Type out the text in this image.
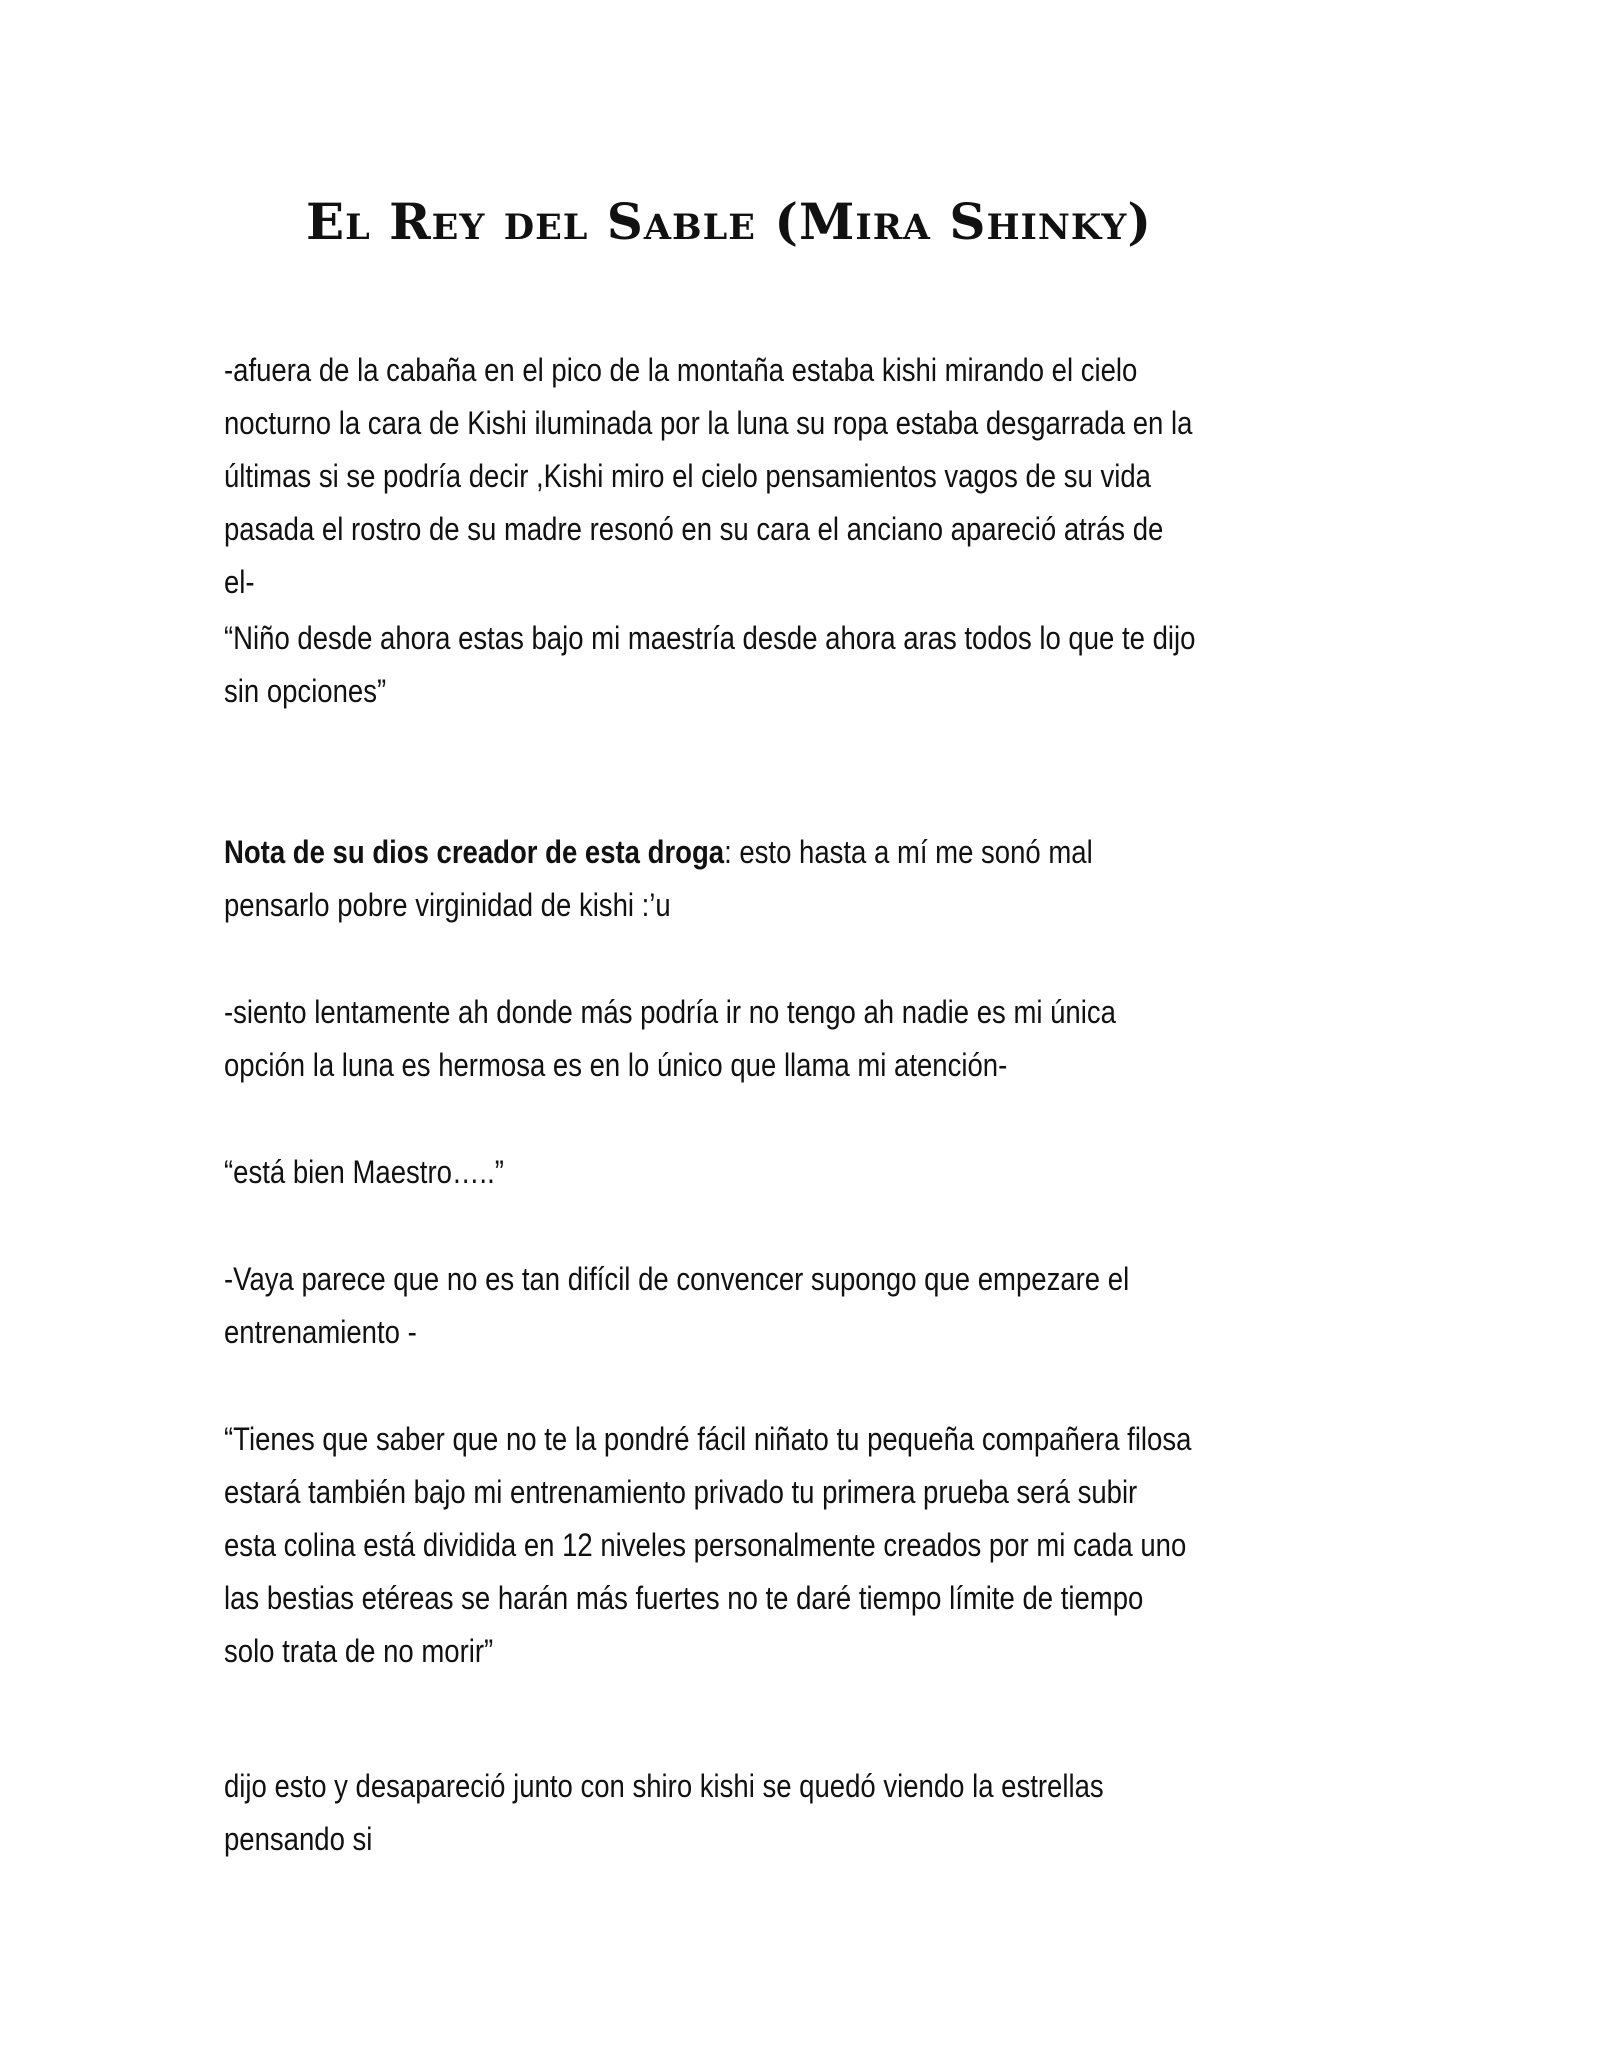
El Rey del Sable (Mira Shinky)

-afuera de la cabaña en el pico de la montaña estaba kishi mirando el cielo nocturno la cara de Kishi iluminada por la luna su ropa estaba desgarrada en la últimas si se podría decir ,Kishi miro el cielo pensamientos vagos de su vida pasada el rostro de su madre resonó en su cara el anciano apareció atrás de el-

“Niño desde ahora estas bajo mi maestría desde ahora aras todos lo que te dijo sin opciones”

Nota de su dios creador de esta droga: esto hasta a mí me sonó mal pensarlo pobre virginidad de kishi :’u

-siento lentamente ah donde más podría ir no tengo ah nadie es mi única opción la luna es hermosa es en lo único que llama mi atención-

“está bien Maestro…..”

-Vaya parece que no es tan difícil de convencer supongo que empezare el entrenamiento -

“Tienes que saber que no te la pondré fácil niñato tu pequeña compañera filosa estará también bajo mi entrenamiento privado tu primera prueba será subir esta colina está dividida en 12 niveles personalmente creados por mi cada uno las bestias etéreas se harán más fuertes no te daré tiempo límite de tiempo solo trata de no morir”

dijo esto y desapareció junto con shiro kishi se quedó viendo la estrellas pensando si
